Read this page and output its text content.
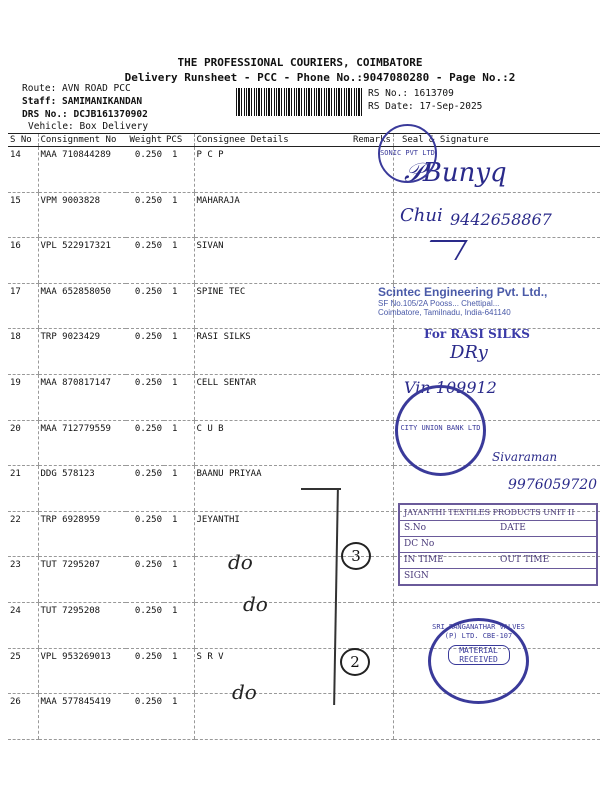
THE PROFESSIONAL COURIERS, COIMBATORE
Delivery Runsheet - PCC - Phone No.:9047080280 - Page No.:2
Route: AVN ROAD PCC
Staff: SAMIMANIKANDAN
DRS No.: DCJB161370902
Vehicle: Box Delivery
RS No.: 1613709
RS Date: 17-Sep-2025
S No	Consignment No	Weight	PCS	Consignee Details	Remarks	Seal & Signature
14	MAA 710844289	0.250	1	P C P		
15	VPM 9003828	0.250	1	MAHARAJA		
16	VPL 522917321	0.250	1	SIVAN		
17	MAA 652858050	0.250	1	SPINE TEC		
18	TRP 9023429	0.250	1	RASI SILKS		
19	MAA 870817147	0.250	1	CELL SENTAR		
20	MAA 712779559	0.250	1	C U B		
21	DDG 578123	0.250	1	BAANU PRIYAA		
22	TRP 6928959	0.250	1	JEYANTHI		
23	TUT 7295207	0.250	1			
24	TUT 7295208	0.250	1			
25	VPL 953269013	0.250	1	S R V		
26	MAA 577845419	0.250	1			
do
do
do
3
2
𝒫Bunyq
9442658867
Chui
For RASI SILKS
DRy
Vin 109912
Sivaraman
9976059720
SONIC PVT LTD
Scintec Engineering Pvt. Ltd.,
SF No.105/2A Pooss... Chettipal...
Coimbatore, Tamilnadu, India-641140
CITY UNION BANK LTD
JAYANTHI TEXTILES PRODUCTS UNIT II
S.No	DATE
DC No
IN TIME	OUT TIME
SIGN
SRI RANGANATHAR VALVES (P) LTD. CBE-107
MATERIAL
RECEIVED
